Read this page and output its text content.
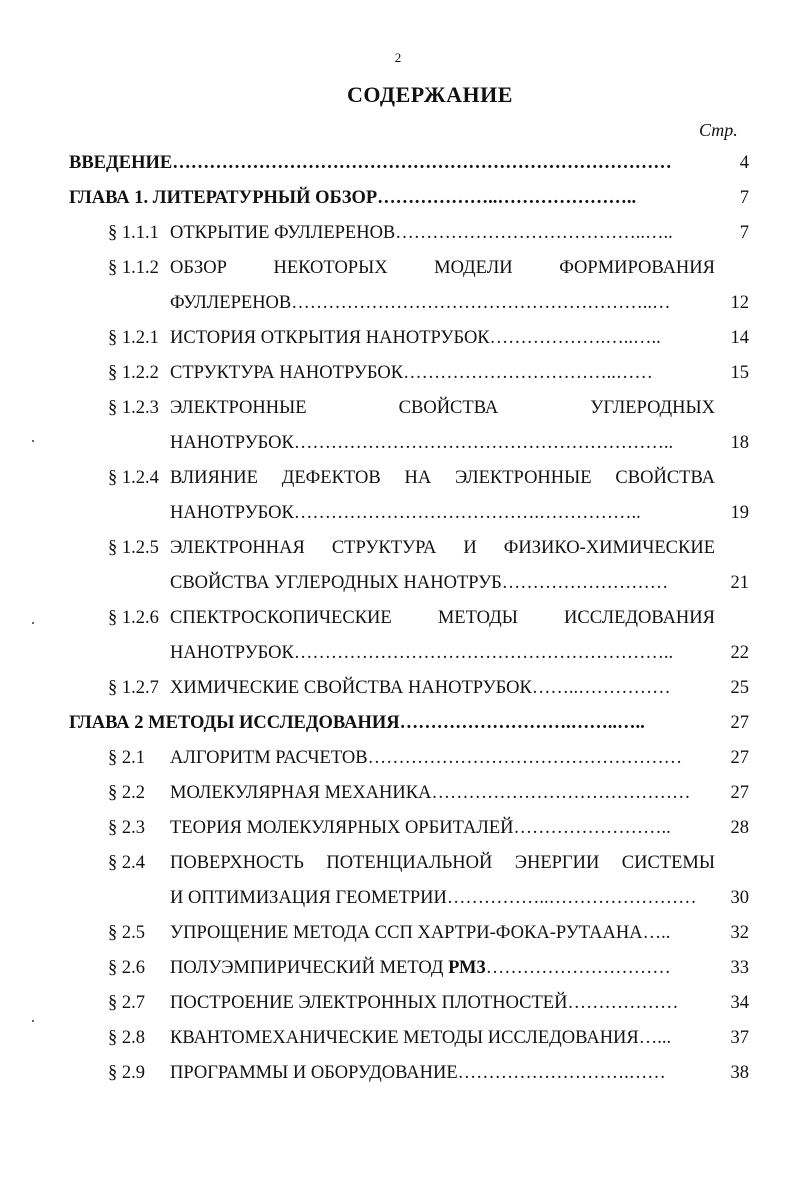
2
СОДЕРЖАНИЕ
Стр.
ВВЕДЕНИЕ………………………………………………………………………	4
ГЛАВА 1. ЛИТЕРАТУРНЫЙ ОБЗОР………………..…………………..	7
§ 1.1.1 ОТКРЫТИЕ ФУЛЛЕРЕНОВ…………………………………..…..	7
§ 1.1.2 ОБЗОР НЕКОТОРЫХ МОДЕЛИ ФОРМИРОВАНИЯ
ФУЛЛЕРЕНОВ…………………………………………………..…	12
§ 1.2.1 ИСТОРИЯ ОТКРЫТИЯ НАНОТРУБОК……………….…..…..	14
§ 1.2.2 СТРУКТУРА НАНОТРУБОК……………………………..……	15
§ 1.2.3 ЭЛЕКТРОННЫЕ СВОЙСТВА УГЛЕРОДНЫХ
НАНОТРУБОК……………………………………………………..	18
§ 1.2.4 ВЛИЯНИЕ ДЕФЕКТОВ НА ЭЛЕКТРОННЫЕ СВОЙСТВА
НАНОТРУБОК………………………………….……………..	19
§ 1.2.5 ЭЛЕКТРОННАЯ СТРУКТУРА И ФИЗИКО-ХИМИЧЕСКИЕ
СВОЙСТВА УГЛЕРОДНЫХ НАНОТРУБ………………………	21
§ 1.2.6 СПЕКТРОСКОПИЧЕСКИЕ МЕТОДЫ ИССЛЕДОВАНИЯ
НАНОТРУБОК……………………………………………………..	22
§ 1.2.7 ХИМИЧЕСКИЕ СВОЙСТВА НАНОТРУБОК……..……………	25
ГЛАВА 2 МЕТОДЫ ИССЛЕДОВАНИЯ……………………….……..…..	27
§ 2.1 АЛГОРИТМ РАСЧЕТОВ……………………………………………	27
§ 2.2 МОЛЕКУЛЯРНАЯ МЕХАНИКА…………………………………… 27
§ 2.3 ТЕОРИЯ МОЛЕКУЛЯРНЫХ ОРБИТАЛЕЙ……………………..	28
§ 2.4 ПОВЕРХНОСТЬ ПОТЕНЦИАЛЬНОЙ ЭНЕРГИИ СИСТЕМЫ
И ОПТИМИЗАЦИЯ ГЕОМЕТРИИ……………..…………………… 30
§ 2.5 УПРОЩЕНИЕ МЕТОДА ССП ХАРТРИ-ФОКА-РУТААНА…..	32
§ 2.6 ПОЛУЭМПИРИЧЕСКИЙ МЕТОД РМ3…………………………	33
§ 2.7 ПОСТРОЕНИЕ ЭЛЕКТРОННЫХ ПЛОТНОСТЕЙ………………	34
§ 2.8 КВАНТОМЕХАНИЧЕСКИЕ МЕТОДЫ ИССЛЕДОВАНИЯ…...	37
§ 2.9 ПРОГРАММЫ И ОБОРУДОВАНИЕ……………………….……	38
